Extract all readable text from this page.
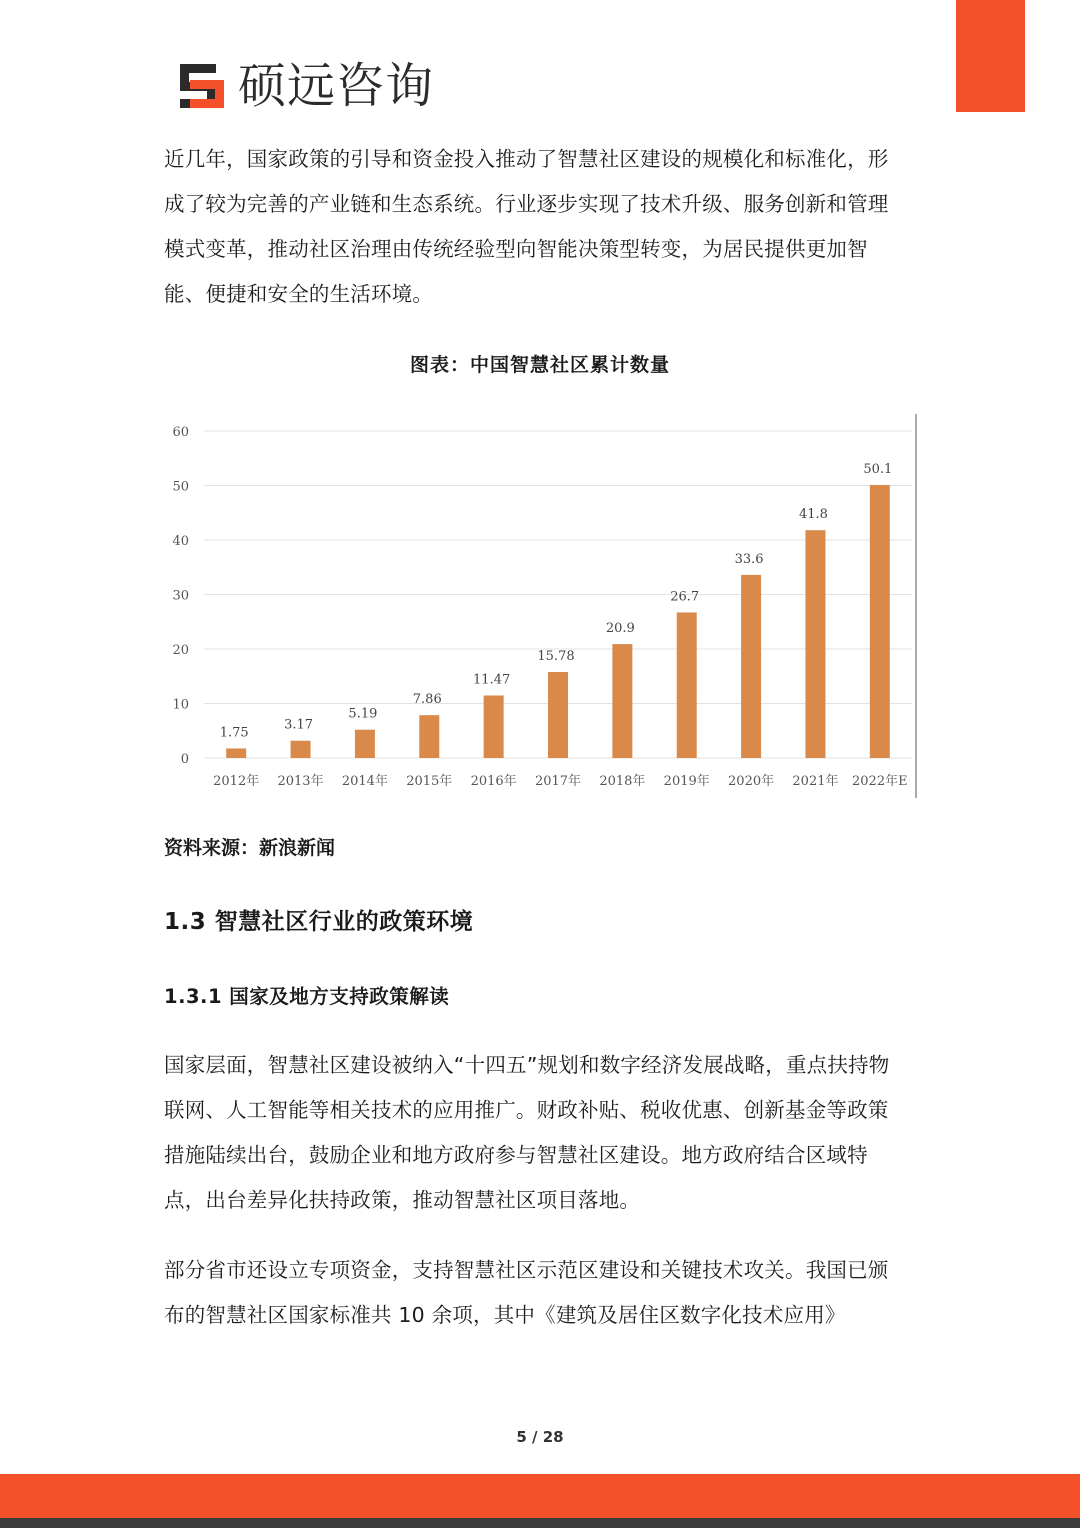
硕远咨询

近几年，国家政策的引导和资金投入推动了智慧社区建设的规模化和标准化，形成了较为完善的产业链和生态系统。行业逐步实现了技术升级、服务创新和管理模式变革，推动社区治理由传统经验型向智能决策型转变，为居民提供更加智能、便捷和安全的生活环境。

图表：中国智慧社区累计数量
0
10
20
30
40
50
60
1.75
2012年
3.17
2013年
5.19
2014年
7.86
2015年
11.47
2016年
15.78
2017年
20.9
2018年
26.7
2019年
33.6
2020年
41.8
2021年
50.1
2022年E
资料来源：新浪新闻
1.3 智慧社区行业的政策环境
1.3.1 国家及地方支持政策解读

国家层面，智慧社区建设被纳入“十四五”规划和数字经济发展战略，重点扶持物联网、人工智能等相关技术的应用推广。财政补贴、税收优惠、创新基金等政策措施陆续出台，鼓励企业和地方政府参与智慧社区建设。地方政府结合区域特点，出台差异化扶持政策，推动智慧社区项目落地。

部分省市还设立专项资金，支持智慧社区示范区建设和关键技术攻关。我国已颁布的智慧社区国家标准共 10 余项，其中《建筑及居住区数字化技术应用》

5 / 28
